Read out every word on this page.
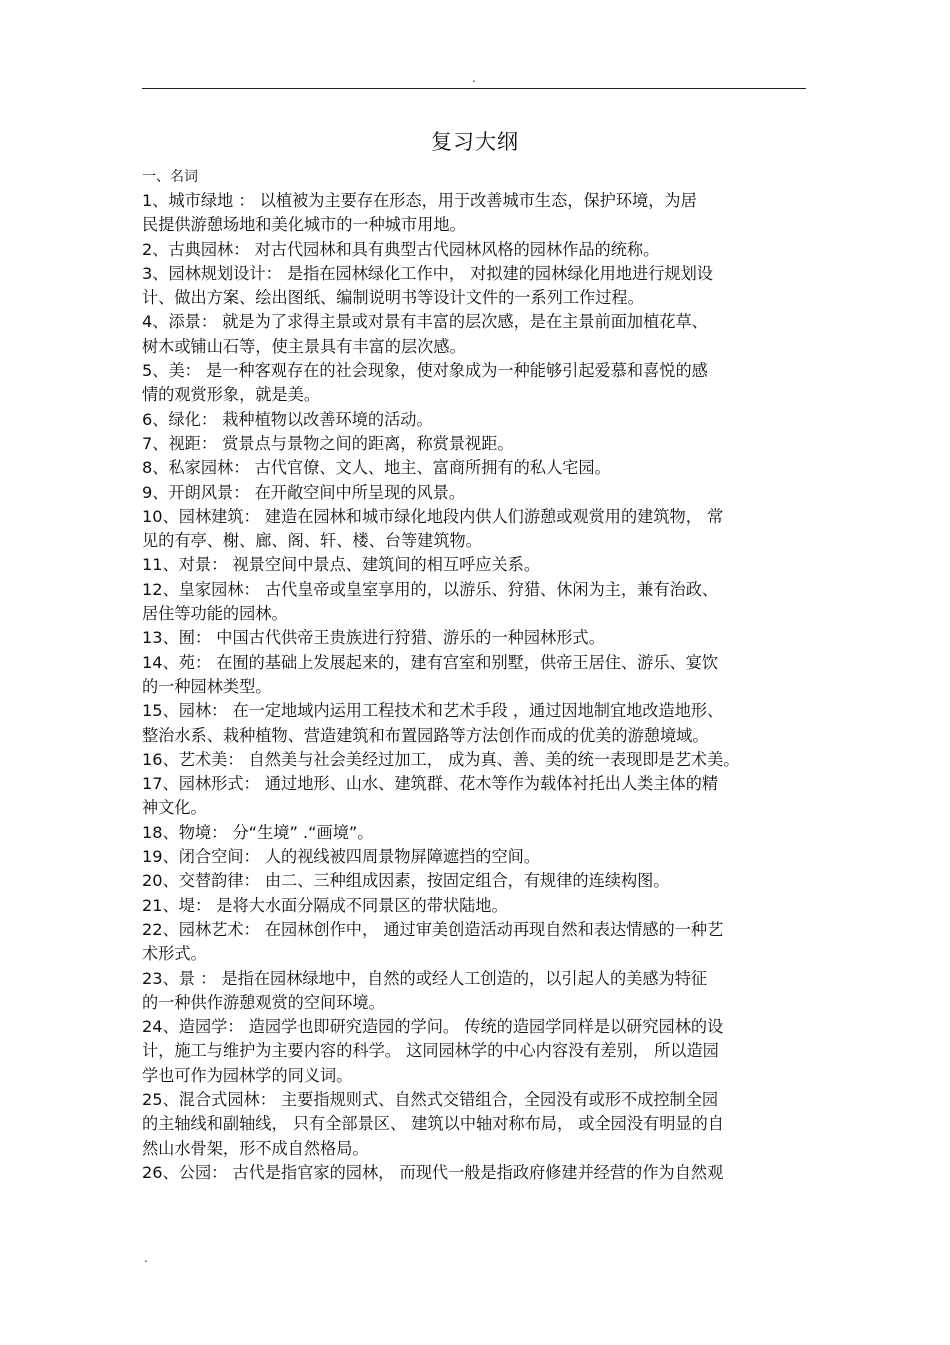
.
复习大纲
一、名词
1、城市绿地 ： 以植被为主要存在形态，用于改善城市生态，保护环境，为居
民提供游憩场地和美化城市的一种城市用地。
2、古典园林： 对古代园林和具有典型古代园林风格的园林作品的统称。
3、园林规划设计： 是指在园林绿化工作中， 对拟建的园林绿化用地进行规划设
计、做出方案、绘出图纸、编制说明书等设计文件的一系列工作过程。
4、添景： 就是为了求得主景或对景有丰富的层次感，是在主景前面加植花草、
树木或铺山石等，使主景具有丰富的层次感。
5、美： 是一种客观存在的社会现象，使对象成为一种能够引起爱慕和喜悦的感
情的观赏形象，就是美。
6、绿化： 栽种植物以改善环境的活动。
7、视距： 赏景点与景物之间的距离，称赏景视距。
8、私家园林： 古代官僚、文人、地主、富商所拥有的私人宅园。
9、开朗风景： 在开敞空间中所呈现的风景。
10、园林建筑： 建造在园林和城市绿化地段内供人们游憩或观赏用的建筑物， 常
见的有亭、榭、廊、阁、轩、楼、台等建筑物。
11、对景： 视景空间中景点、建筑间的相互呼应关系。
12、皇家园林： 古代皇帝或皇室享用的，以游乐、狩猎、休闲为主，兼有治政、
居住等功能的园林。
13、囿： 中国古代供帝王贵族进行狩猎、游乐的一种园林形式。
14、苑： 在囿的基础上发展起来的，建有宫室和别墅，供帝王居住、游乐、宴饮
的一种园林类型。
15、园林： 在一定地域内运用工程技术和艺术手段 ，通过因地制宜地改造地形、
整治水系、栽种植物、营造建筑和布置园路等方法创作而成的优美的游憩境域。
16、艺术美： 自然美与社会美经过加工， 成为真、善、美的统一表现即是艺术美。
17、园林形式： 通过地形、山水、建筑群、花木等作为载体衬托出人类主体的精
神文化。
18、物境： 分“生境” .“画境”。
19、闭合空间： 人的视线被四周景物屏障遮挡的空间。
20、交替韵律： 由二、三种组成因素，按固定组合，有规律的连续构图。
21、堤： 是将大水面分隔成不同景区的带状陆地。
22、园林艺术： 在园林创作中， 通过审美创造活动再现自然和表达情感的一种艺
术形式。
23、景 ： 是指在园林绿地中，自然的或经人工创造的，以引起人的美感为特征
的一种供作游憩观赏的空间环境。
24、造园学： 造园学也即研究造园的学问。 传统的造园学同样是以研究园林的设
计，施工与维护为主要内容的科学。 这同园林学的中心内容没有差别， 所以造园
学也可作为园林学的同义词。
25、混合式园林： 主要指规则式、自然式交错组合，全园没有或形不成控制全园
的主轴线和副轴线， 只有全部景区、 建筑以中轴对称布局， 或全园没有明显的自
然山水骨架，形不成自然格局。
26、公园： 古代是指官家的园林， 而现代一般是指政府修建并经营的作为自然观
.
